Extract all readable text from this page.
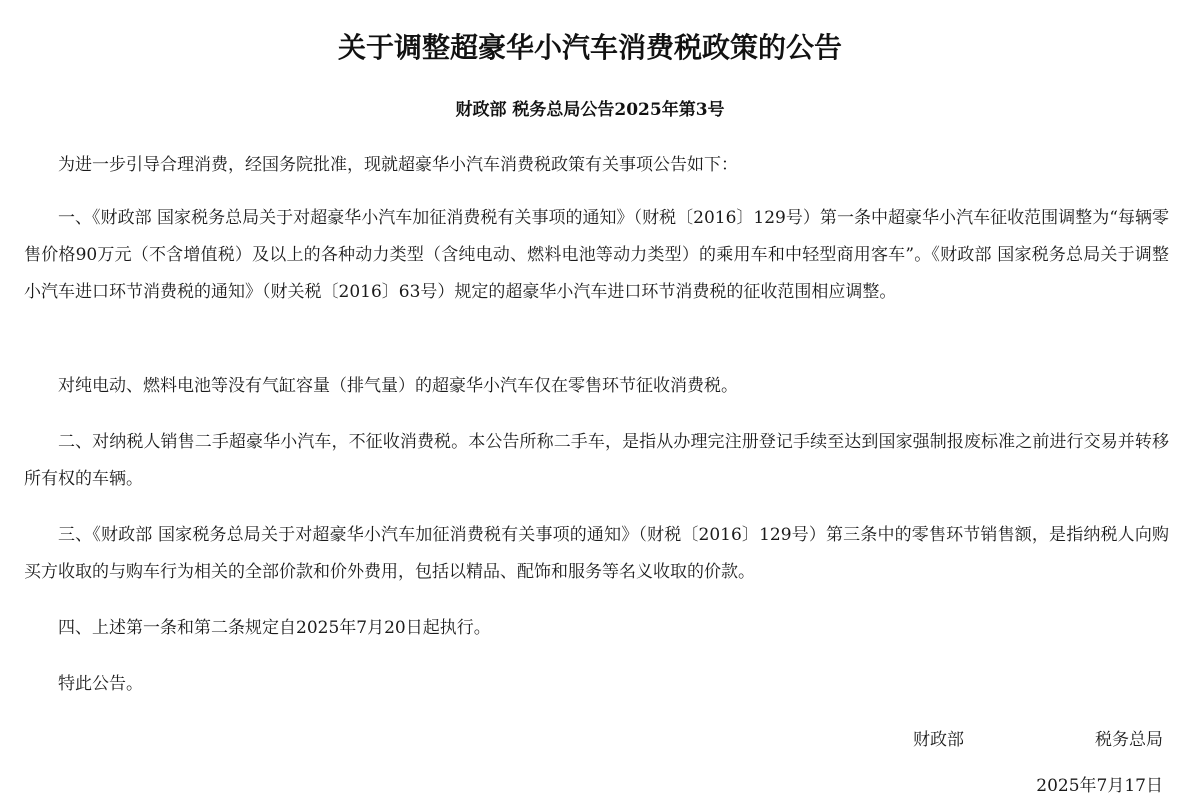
关于调整超豪华小汽车消费税政策的公告
财政部 税务总局公告2025年第3号

为进一步引导合理消费，经国务院批准，现就超豪华小汽车消费税政策有关事项公告如下：

一、《财政部 国家税务总局关于对超豪华小汽车加征消费税有关事项的通知》（财税〔2016〕129号）第一条中超豪华小汽车征收范围调整为“每辆零售价格90万元（不含增值税）及以上的各种动力类型（含纯电动、燃料电池等动力类型）的乘用车和中轻型商用客车”。《财政部 国家税务总局关于调整小汽车进口环节消费税的通知》（财关税〔2016〕63号）规定的超豪华小汽车进口环节消费税的征收范围相应调整。

对纯电动、燃料电池等没有气缸容量（排气量）的超豪华小汽车仅在零售环节征收消费税。

二、对纳税人销售二手超豪华小汽车，不征收消费税。本公告所称二手车，是指从办理完注册登记手续至达到国家强制报废标准之前进行交易并转移所有权的车辆。

三、《财政部 国家税务总局关于对超豪华小汽车加征消费税有关事项的通知》（财税〔2016〕129号）第三条中的零售环节销售额，是指纳税人向购买方收取的与购车行为相关的全部价款和价外费用，包括以精品、配饰和服务等名义收取的价款。

四、上述第一条和第二条规定自2025年7月20日起执行。

特此公告。

财政部	税务总局
2025年7月17日
